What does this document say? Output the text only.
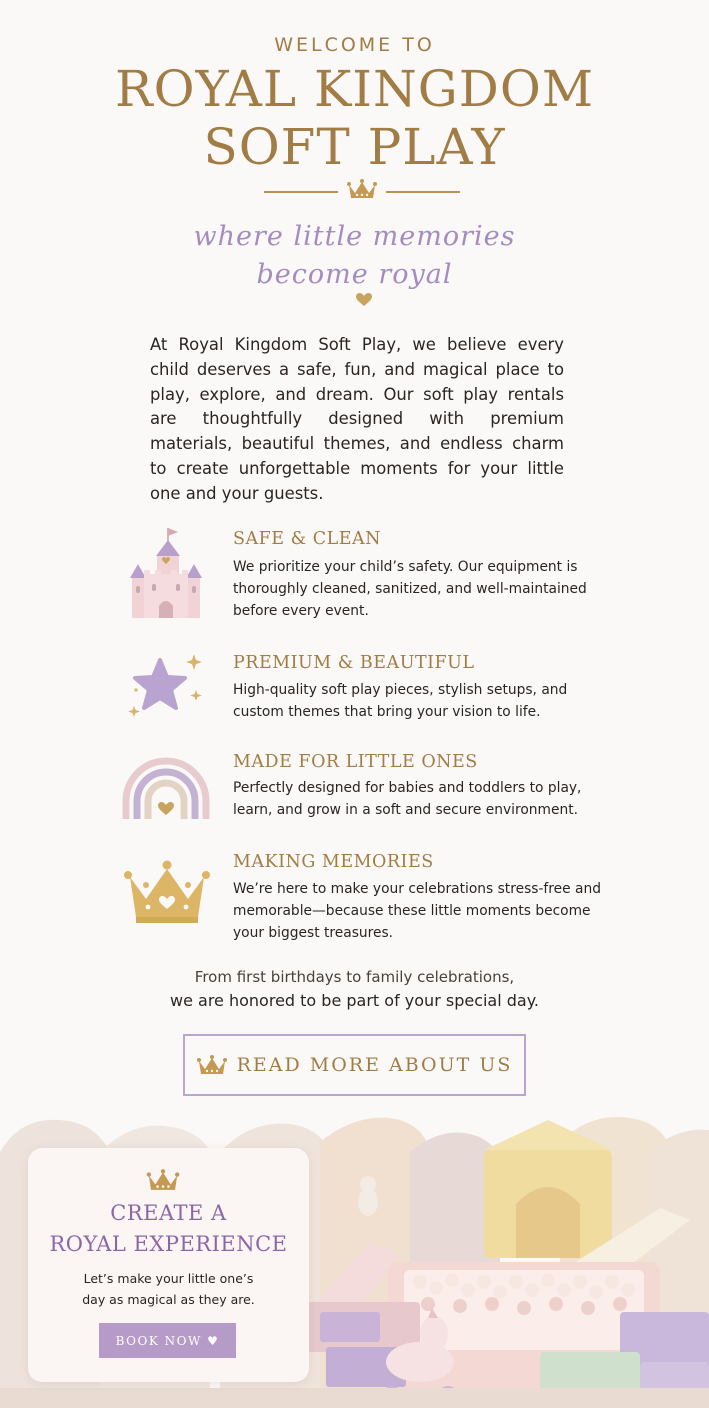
WELCOME TO
ROYAL KINGDOM
SOFT PLAY
where little memories
become royal

At Royal Kingdom Soft Play, we believe every child deserves a safe, fun, and magical place to play, explore, and dream. Our soft play rentals are thoughtfully designed with premium materials, beautiful themes, and endless charm to create unforgettable moments for your little one and your guests.

SAFE & CLEAN
We prioritize your child’s safety. Our equipment is thoroughly cleaned, sanitized, and well-maintained before every event.
PREMIUM & BEAUTIFUL
High-quality soft play pieces, stylish setups, and custom themes that bring your vision to life.
MADE FOR LITTLE ONES
Perfectly designed for babies and toddlers to play, learn, and grow in a soft and secure environment.
MAKING MEMORIES
We’re here to make your celebrations stress-free and memorable—because these little moments become your biggest treasures.
From first birthdays to family celebrations,
we are honored to be part of your special day.
READ MORE ABOUT US
CREATE A
ROYAL EXPERIENCE
Let’s make your little one’s
day as magical as they are.
BOOK NOW ♥
